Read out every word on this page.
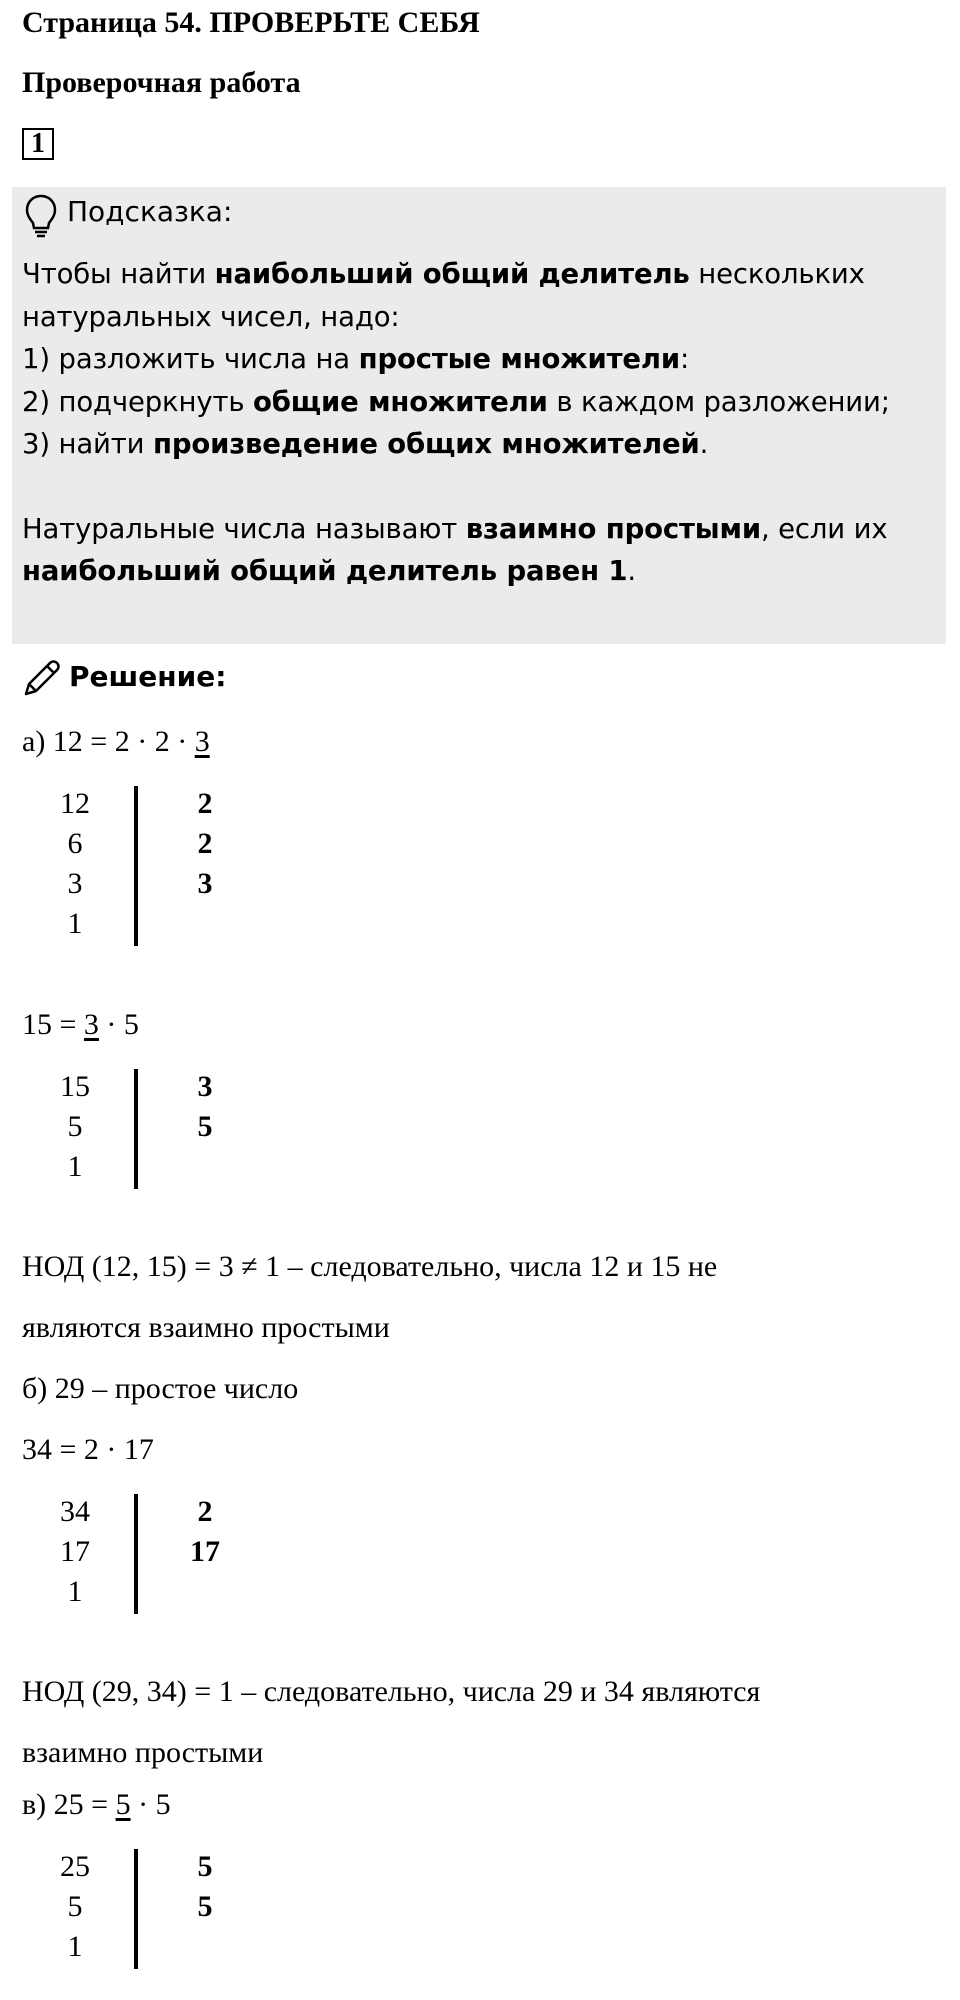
Страница 54. ПРОВЕРЬТЕ СЕБЯ
Проверочная работа
1
Подсказка:
Чтобы найти наибольший общий делитель нескольких
натуральных чисел, надо:
1) разложить числа на простые множители:
2) подчеркнуть общие множители в каждом разложении;
3) найти произведение общих множителей.
Натуральные числа называют взаимно простыми, если их
наибольший общий делитель равен 1.
Решение:
а) 12 = 2 · 2 · 3
12	2
6	2
3	3
1
15 = 3 · 5
15	3
5	5
1
НОД (12, 15) = 3 ≠ 1 – следовательно, числа 12 и 15 не
являются взаимно простыми
б) 29 – простое число
34 = 2 · 17
34	2
17	17
1
НОД (29, 34) = 1 – следовательно, числа 29 и 34 являются
взаимно простыми
в) 25 = 5 · 5
25	5
5	5
1
